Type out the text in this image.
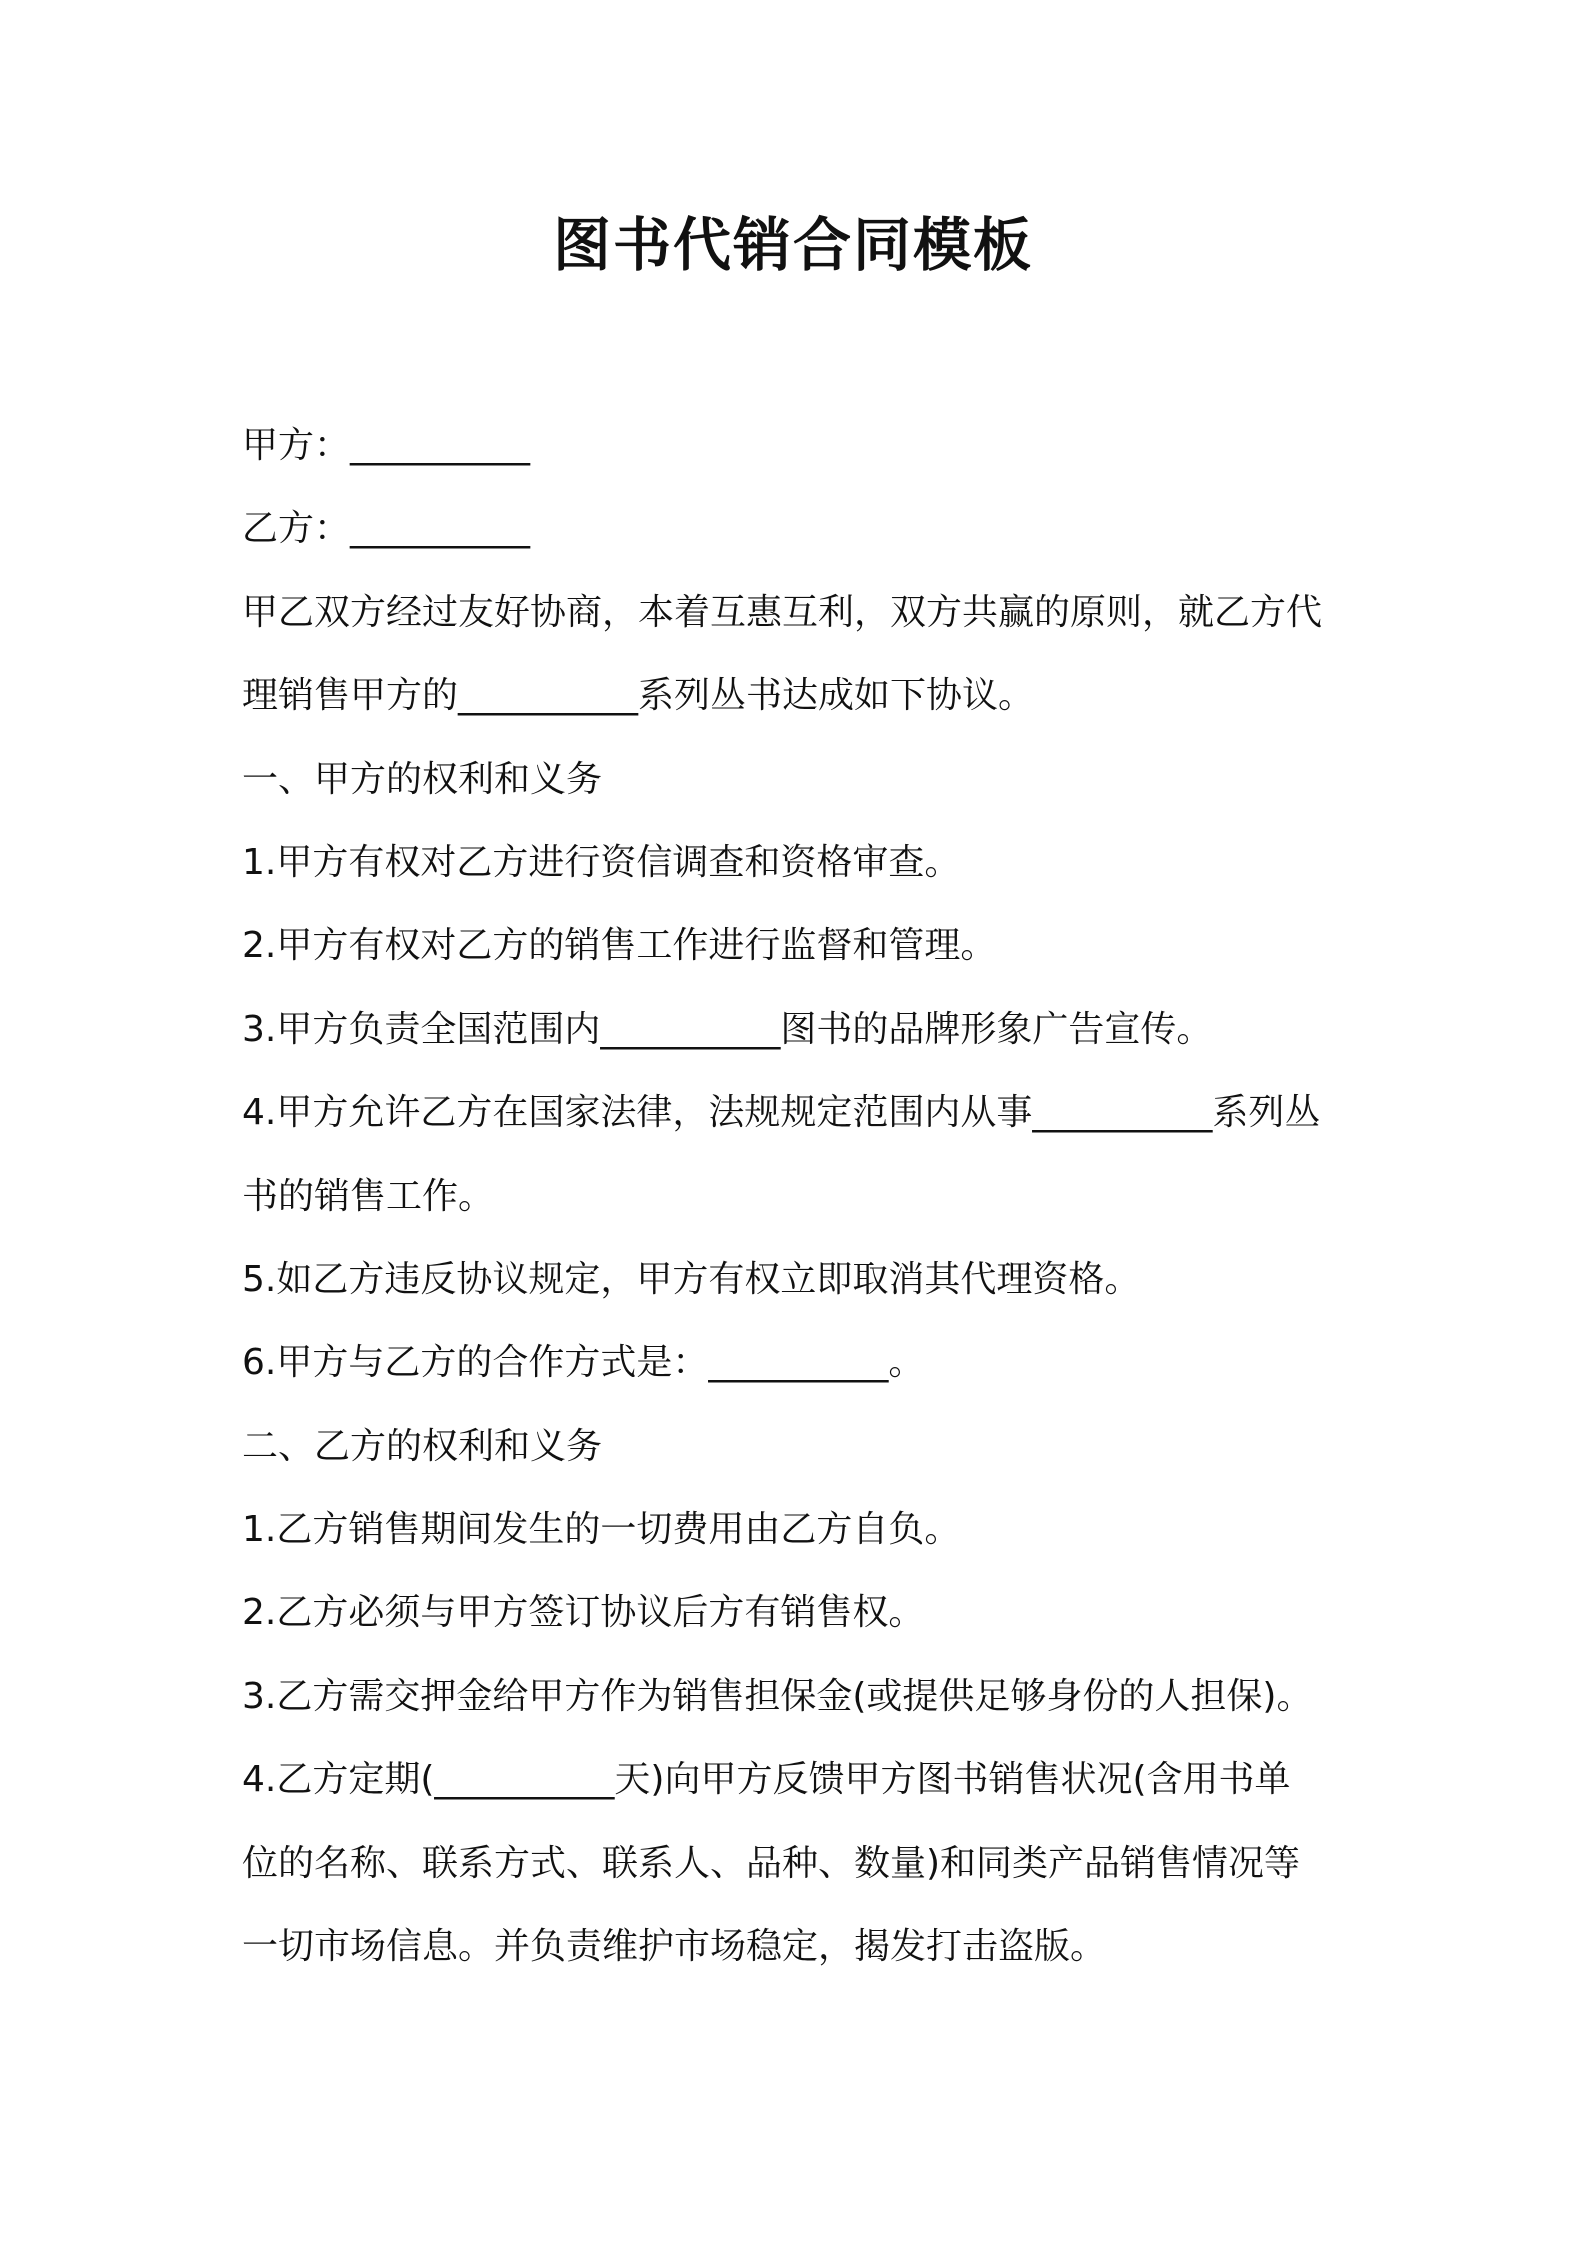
图书代销合同模板
甲方：__________
乙方：__________
甲乙双方经过友好协商，本着互惠互利，双方共赢的原则，就乙方代
理销售甲方的__________系列丛书达成如下协议。
一、甲方的权利和义务
1.甲方有权对乙方进行资信调查和资格审查。
2.甲方有权对乙方的销售工作进行监督和管理。
3.甲方负责全国范围内__________图书的品牌形象广告宣传。
4.甲方允许乙方在国家法律，法规规定范围内从事__________系列丛
书的销售工作。
5.如乙方违反协议规定，甲方有权立即取消其代理资格。
6.甲方与乙方的合作方式是：__________。
二、乙方的权利和义务
1.乙方销售期间发生的一切费用由乙方自负。
2.乙方必须与甲方签订协议后方有销售权。
3.乙方需交押金给甲方作为销售担保金(或提供足够身份的人担保)。
4.乙方定期(__________天)向甲方反馈甲方图书销售状况(含用书单
位的名称、联系方式、联系人、品种、数量)和同类产品销售情况等
一切市场信息。并负责维护市场稳定，揭发打击盗版。
